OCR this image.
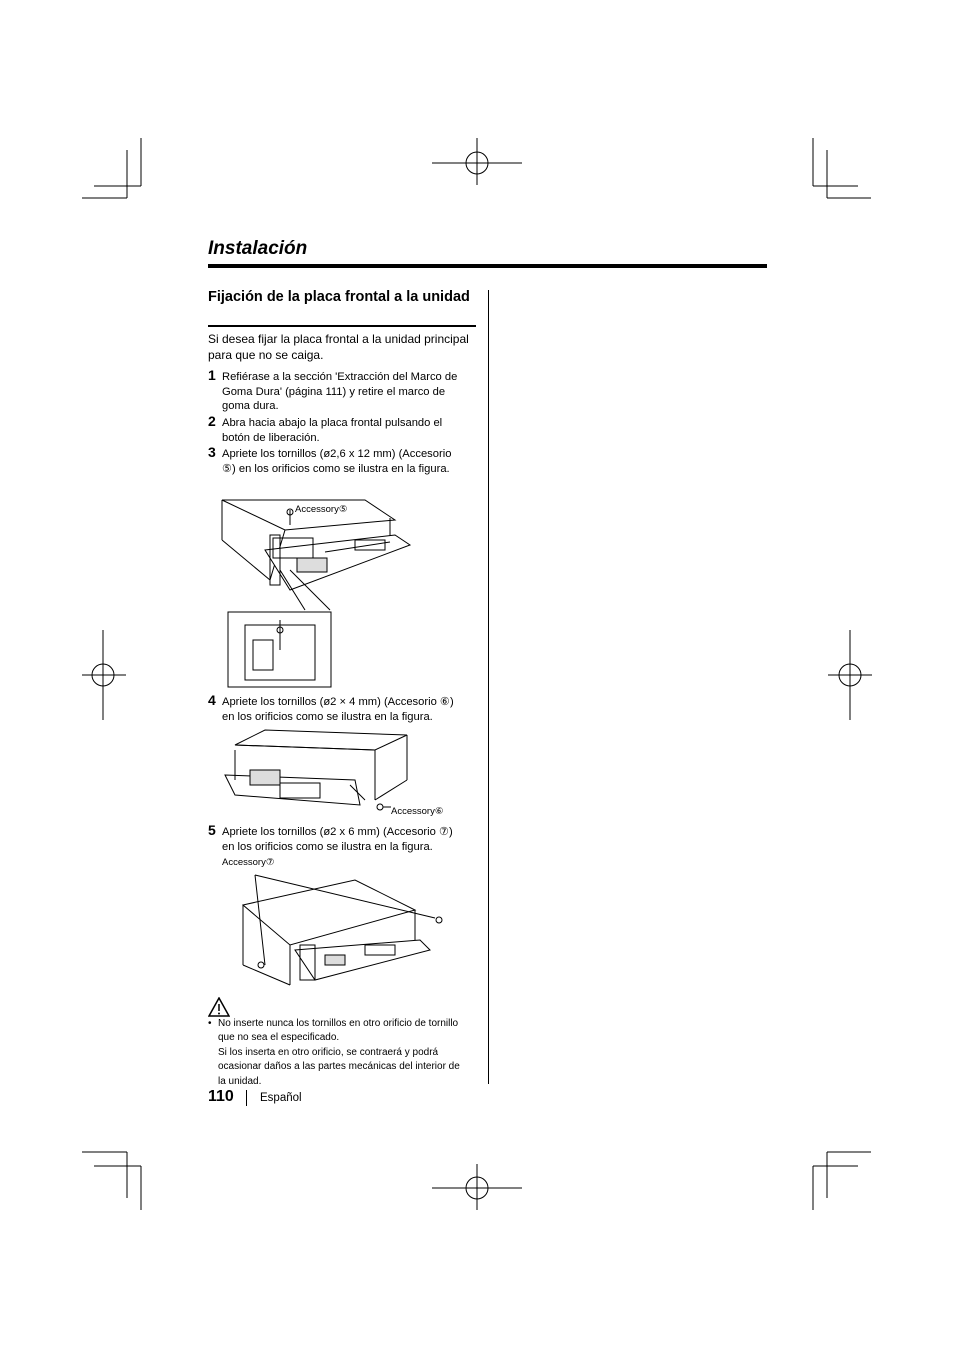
Instalación
Fijación de la placa frontal a la unidad
Si desea fijar la placa frontal a la unidad principal para que no se caiga.
1 Refiérase a la sección 'Extracción del Marco de
Goma Dura' (página 111) y retire el marco de
goma dura.
2 Abra hacia abajo la placa frontal pulsando el
botón de liberación.
3 Apriete los tornillos (ø2,6 x 12 mm) (Accesorio
⑤) en los orificios como se ilustra en la figura.
Accessory⑤
4 Apriete los tornillos (ø2 × 4 mm) (Accesorio ⑥)
en los orificios como se ilustra en la figura.
Accessory⑥
5 Apriete los tornillos (ø2 x 6 mm) (Accesorio ⑦)
en los orificios como se ilustra en la figura.
Accessory⑦
• No inserte nunca los tornillos en otro orificio de tornillo
que no sea el especificado.
Si los inserta en otro orificio, se contraerá y podrá
ocasionar daños a las partes mecánicas del interior de
la unidad.
110 Español
